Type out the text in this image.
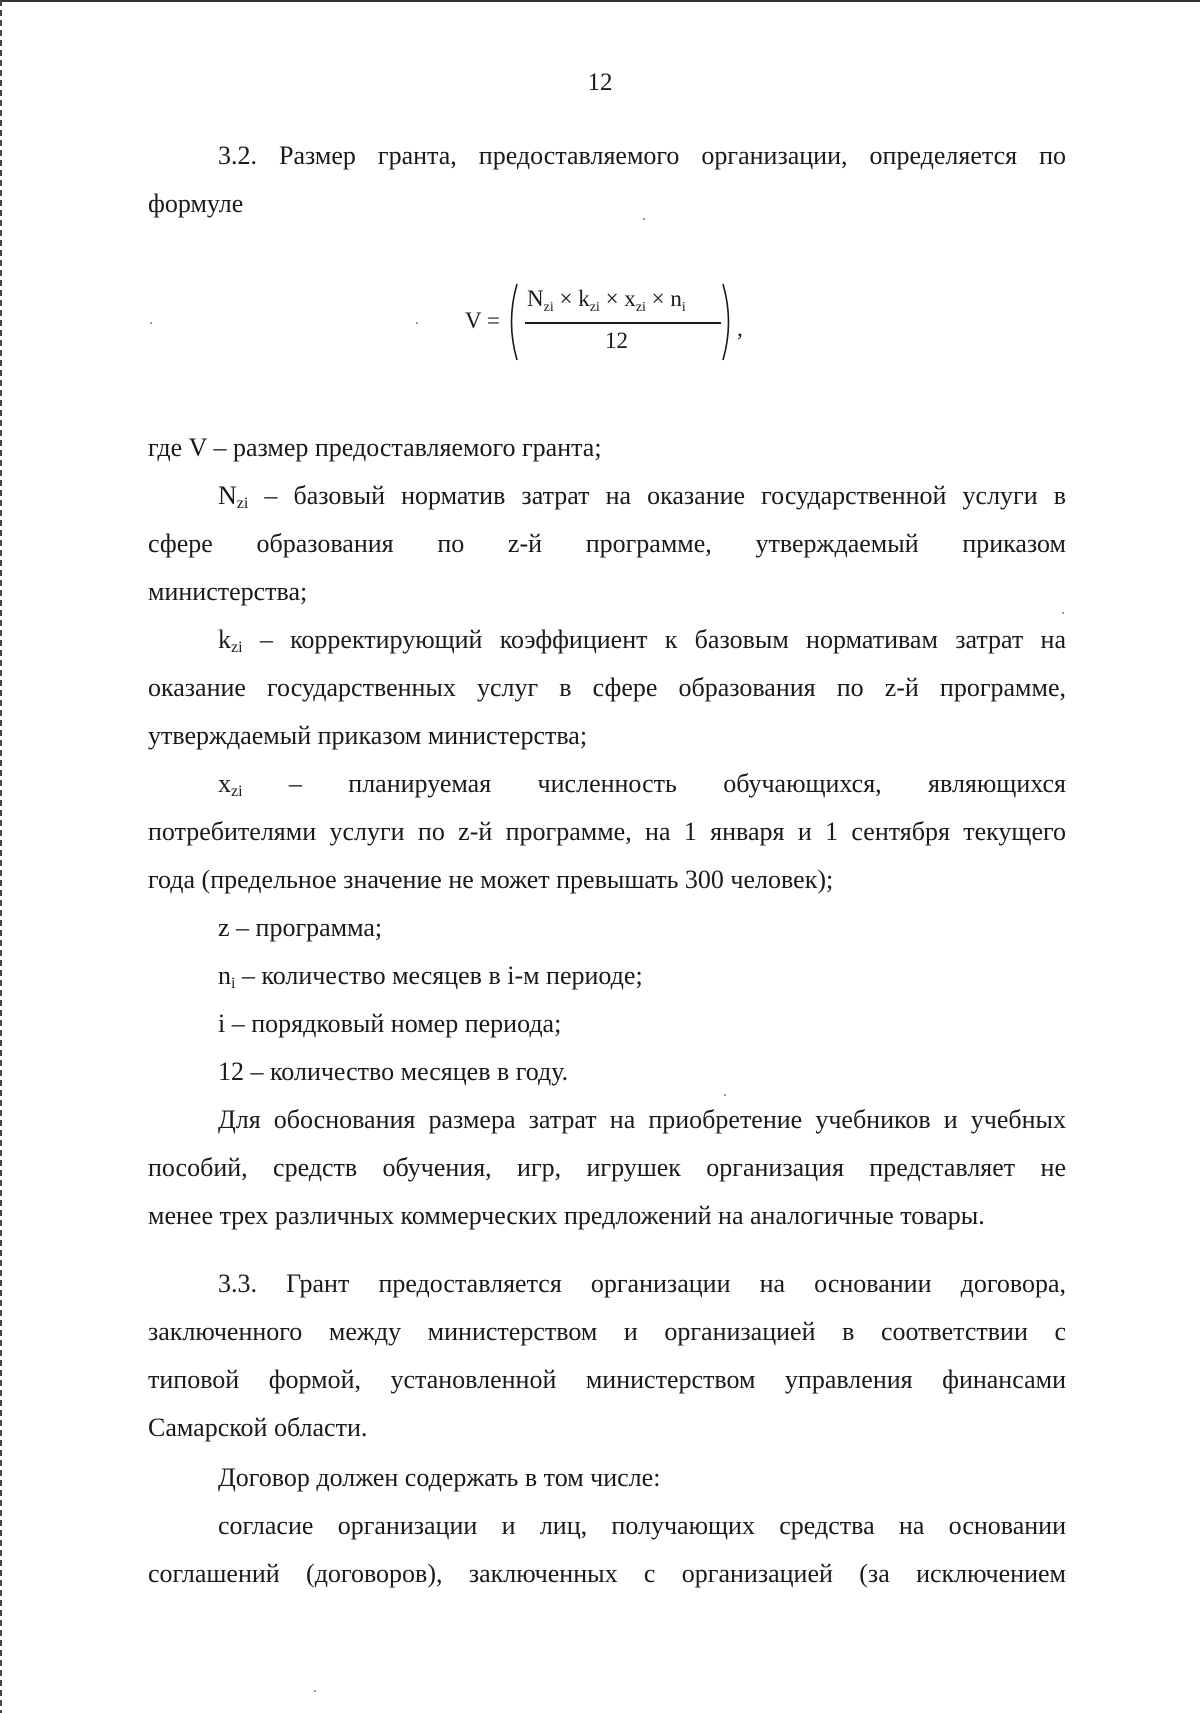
12
3.2. Размер гранта, предоставляемого организации, определяется по
формуле
V =
$N_{zi} \times k_{zi} \times x_{zi} \times n_i$
12	,
где V – размер предоставляемого гранта;
$N_{zi}$ – базовый норматив затрат на оказание государственной услуги в
сфере образования по z-й программе, утверждаемый приказом
министерства;
$k_{zi}$ – корректирующий коэффициент к базовым нормативам затрат на
оказание государственных услуг в сфере образования по z-й программе,
утверждаемый приказом министерства;
$x_{zi}$ – планируемая численность обучающихся, являющихся
потребителями услуги по z-й программе, на 1 января и 1 сентября текущего
года (предельное значение не может превышать 300 человек);
z – программа;
$n_i$ – количество месяцев в i-м периоде;
i – порядковый номер периода;
12 – количество месяцев в году.
Для обоснования размера затрат на приобретение учебников и учебных
пособий, средств обучения, игр, игрушек организация представляет не
менее трех различных коммерческих предложений на аналогичные товары.
3.3. Грант предоставляется организации на основании договора,
заключенного между министерством и организацией в соответствии с
типовой формой, установленной министерством управления финансами
Самарской области.
Договор должен содержать в том числе:
согласие организации и лиц, получающих средства на основании
соглашений (договоров), заключенных с организацией (за исключением
